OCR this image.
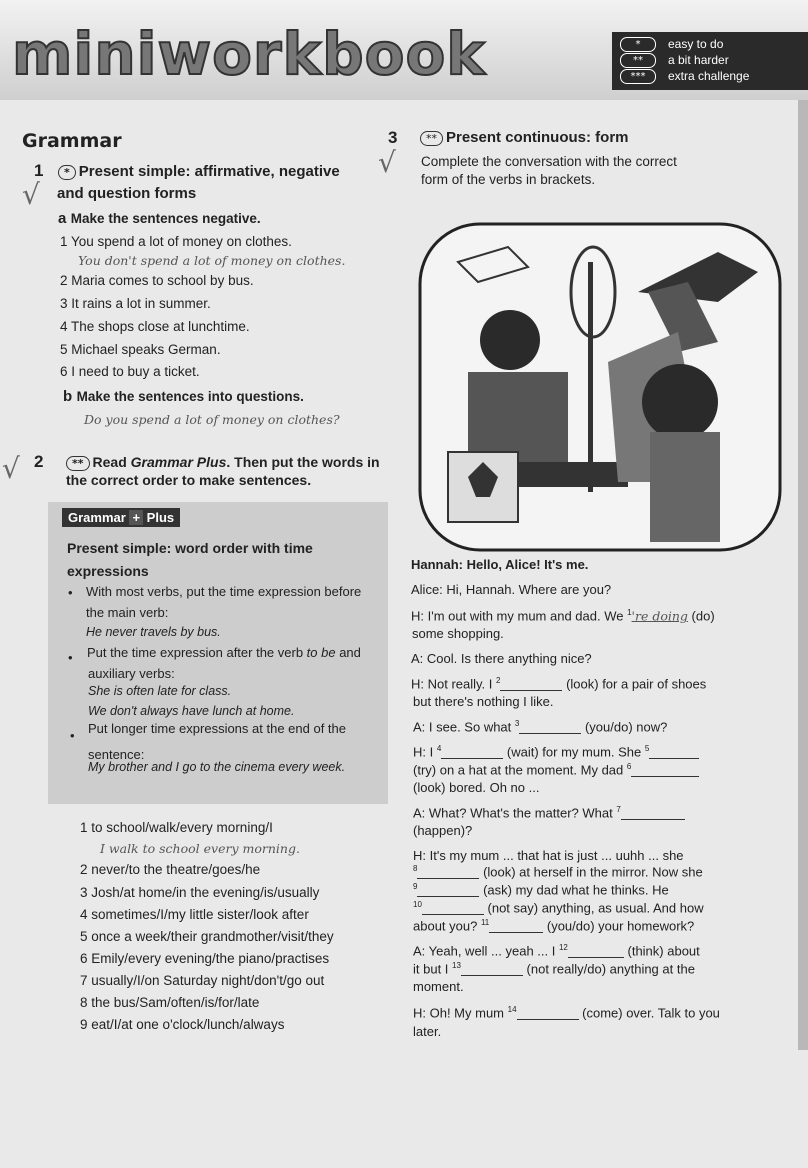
miniworkbook	*	easy to do
**	a bit harder
***	extra challenge
Grammar
√
1	* Present simple: affirmative, negative
and question forms
a Make the sentences negative.
1 You spend a lot of money on clothes.
You don't spend a lot of money on clothes.
2 Maria comes to school by bus.
3 It rains a lot in summer.
4 The shops close at lunchtime.
5 Michael speaks German.
6 I need to buy a ticket.
b Make the sentences into questions.
Do you spend a lot of money on clothes?
√ 2	** Read Grammar Plus. Then put the words in
the correct order to make sentences.
Grammar + Plus
Present simple: word order with time
expressions
• With most verbs, put the time expression before
the main verb:
He never travels by bus.
• Put the time expression after the verb to be and
auxiliary verbs:
She is often late for class.
We don't always have lunch at home.
• Put longer time expressions at the end of the
sentence:
My brother and I go to the cinema every week.
1 to school/walk/every morning/I
I walk to school every morning.
2 never/to the theatre/goes/he
3 Josh/at home/in the evening/is/usually
4 sometimes/I/my little sister/look after
5 once a week/their grandmother/visit/they
6 Emily/every evening/the piano/practises
7 usually/I/on Saturday night/don't/go out
8 the bus/Sam/often/is/for/late
9 eat/I/at one o'clock/lunch/always
3	** Present continuous: form
√ Complete the conversation with the correct
form of the verbs in brackets.
Hannah: Hello, Alice! It's me.
Alice: Hi, Hannah. Where are you?
H: I'm out with my mum and dad. We $^1$'re doing (do)
some shopping.
A: Cool. Is there anything nice?
H: Not really. I $^2$	(look) for a pair of shoes
but there's nothing I like.
A: I see. So what $^3$	(you/do) now?
H: I $^4$	(wait) for my mum. She $^5$
(try) on a hat at the moment. My dad $^6$
(look) bored. Oh no ...
A: What? What's the matter? What $^7$
(happen)?
H: It's my mum ... that hat is just ... uuhh ... she
$^8$	(look) at herself in the mirror. Now she
$^9$	(ask) my dad what he thinks. He
$^{10}$	(not say) anything, as usual. And how
about you? $^{11}$	(you/do) your homework?
A: Yeah, well ... yeah ... I $^{12}$	(think) about
it but I $^{13}$	(not really/do) anything at the
moment.
H: Oh! My mum $^{14}$	(come) over. Talk to you
later.
